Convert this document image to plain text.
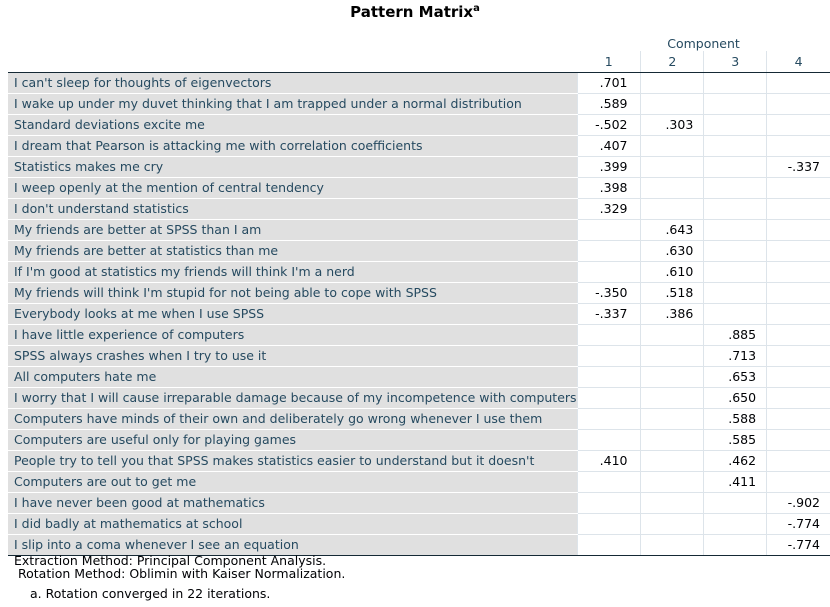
Pattern Matrix$^a$
	Component			
	1	2	3	4
I can't sleep for thoughts of eigenvectors	.701			
I wake up under my duvet thinking that I am trapped under a normal distribution	.589			
Standard deviations excite me	-.502	.303		
I dream that Pearson is attacking me with correlation coefficients	.407			
Statistics makes me cry	.399			-.337
I weep openly at the mention of central tendency	.398			
I don't understand statistics	.329			
My friends are better at SPSS than I am		.643		
My friends are better at statistics than me		.630		
If I'm good at statistics my friends will think I'm a nerd		.610		
My friends will think I'm stupid for not being able to cope with SPSS	-.350	.518		
Everybody looks at me when I use SPSS	-.337	.386		
I have little experience of computers			.885	
SPSS always crashes when I try to use it			.713	
All computers hate me			.653	
I worry that I will cause irreparable damage because of my incompetence with computers			.650	
Computers have minds of their own and deliberately go wrong whenever I use them			.588	
Computers are useful only for playing games			.585	
People try to tell you that SPSS makes statistics easier to understand but it doesn't	.410		.462	
Computers are out to get me			.411	
I have never been good at mathematics				-.902
I did badly at mathematics at school				-.774
I slip into a coma whenever I see an equation				-.774
Extraction Method: Principal Component Analysis.
Rotation Method: Oblimin with Kaiser Normalization.
a. Rotation converged in 22 iterations.
